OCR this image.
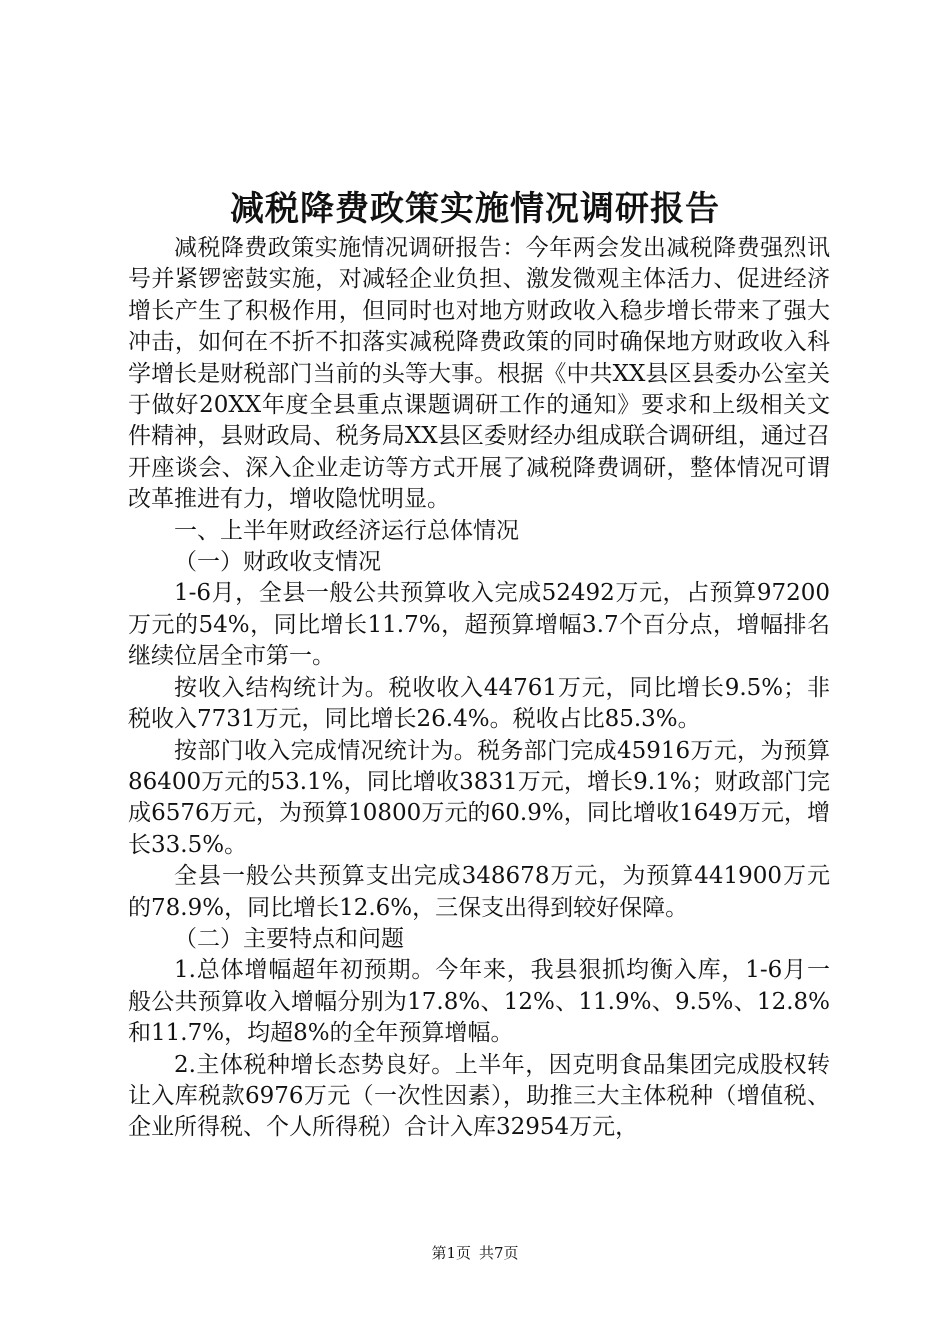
减税降费政策实施情况调研报告

减税降费政策实施情况调研报告：今年两会发出减税降费强烈讯号并紧锣密鼓实施，对减轻企业负担、激发微观主体活力、促进经济增长产生了积极作用，但同时也对地方财政收入稳步增长带来了强大冲击，如何在不折不扣落实减税降费政策的同时确保地方财政收入科学增长是财税部门当前的头等大事。根据《中共XX县区县委办公室关于做好20XX年度全县重点课题调研工作的通知》要求和上级相关文件精神，县财政局、税务局XX县区委财经办组成联合调研组，通过召开座谈会、深入企业走访等方式开展了减税降费调研，整体情况可谓改革推进有力，增收隐忧明显。

一、上半年财政经济运行总体情况

（一）财政收支情况

1-6月，全县一般公共预算收入完成52492万元，占预算97200万元的54%，同比增长11.7%，超预算增幅3.7个百分点，增幅排名继续位居全市第一。

按收入结构统计为。税收收入44761万元，同比增长9.5%；非税收入7731万元，同比增长26.4%。税收占比85.3%。

按部门收入完成情况统计为。税务部门完成45916万元，为预算86400万元的53.1%，同比增收3831万元，增长9.1%；财政部门完成6576万元，为预算10800万元的60.9%，同比增收1649万元，增长33.5%。

全县一般公共预算支出完成348678万元，为预算441900万元的78.9%，同比增长12.6%，三保支出得到较好保障。

（二）主要特点和问题

1.总体增幅超年初预期。今年来，我县狠抓均衡入库，1-6月一般公共预算收入增幅分别为17.8%、12%、11.9%、9.5%、12.8%和11.7%，均超8%的全年预算增幅。

2.主体税种增长态势良好。上半年，因克明食品集团完成股权转让入库税款6976万元（一次性因素），助推三大主体税种（增值税、企业所得税、个人所得税）合计入库32954万元，

第1页 共7页
